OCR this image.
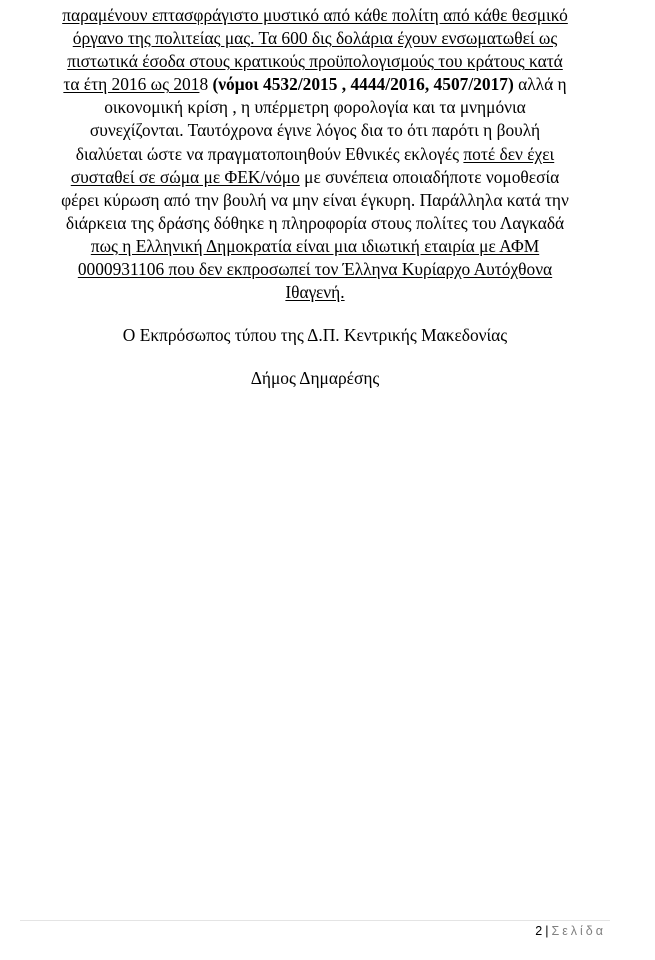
παραμένουν επτασφράγιστο μυστικό από κάθε πολίτη από κάθε θεσμικό
όργανο της πολιτείας μας. Τα 600 δις δολάρια έχουν ενσωματωθεί ως
πιστωτικά έσοδα στους κρατικούς προϋπολογισμούς του κράτους κατά
τα έτη 2016 ως 2018 (νόμοι 4532/2015 , 4444/2016, 4507/2017) αλλά η
οικονομική κρίση , η υπέρμετρη φορολογία και τα μνημόνια
συνεχίζονται. Ταυτόχρονα έγινε λόγος δια το ότι παρότι η βουλή
διαλύεται ώστε να πραγματοποιηθούν Εθνικές εκλογές ποτέ δεν έχει
συσταθεί σε σώμα με ΦΕΚ/νόμο με συνέπεια οποιαδήποτε νομοθεσία
φέρει κύρωση από την βουλή να μην είναι έγκυρη. Παράλληλα κατά την
διάρκεια της δράσης δόθηκε η πληροφορία στους πολίτες του Λαγκαδά
πως η Ελληνική Δημοκρατία είναι μια ιδιωτική εταιρία με ΑΦΜ
0000931106 που δεν εκπροσωπεί τον Έλληνα Κυρίαρχο Αυτόχθονα
Ιθαγενή.
Ο Εκπρόσωπος τύπου της Δ.Π. Κεντρικής Μακεδονίας
Δήμος Δημαρέσης
2 | Σελίδα
